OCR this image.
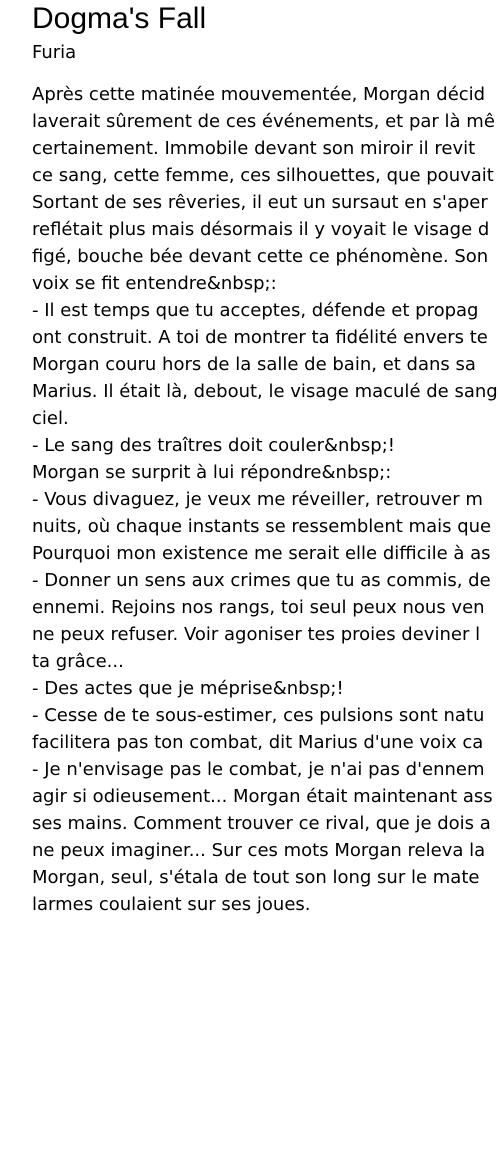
Dogma's Fall
Furia
Après cette matinée mouvementée, Morgan décid
laverait sûrement de ces événements, et par là mê
certainement. Immobile devant son miroir il revit
ce sang, cette femme, ces silhouettes, que pouvait
Sortant de ses rêveries, il eut un sursaut en s'aper
reflétait plus mais désormais il y voyait le visage d
figé, bouche bée devant cette ce phénomène. Son
voix se fit entendre&nbsp;:
- Il est temps que tu acceptes, défende et propag
ont construit. A toi de montrer ta fidélité envers te
Morgan couru hors de la salle de bain, et dans sa
Marius. Il était là, debout, le visage maculé de sang
ciel.
- Le sang des traîtres doit couler&nbsp;!
Morgan se surprit à lui répondre&nbsp;:
- Vous divaguez, je veux me réveiller, retrouver m
nuits, où chaque instants se ressemblent mais que
Pourquoi mon existence me serait elle difficile à as
- Donner un sens aux crimes que tu as commis, de
ennemi. Rejoins nos rangs, toi seul peux nous ven
ne peux refuser. Voir agoniser tes proies deviner l
ta grâce...
- Des actes que je méprise&nbsp;!
- Cesse de te sous-estimer, ces pulsions sont natu
facilitera pas ton combat, dit Marius d'une voix ca
- Je n'envisage pas le combat, je n'ai pas d'ennem
agir si odieusement... Morgan était maintenant ass
ses mains. Comment trouver ce rival, que je dois a
ne peux imaginer... Sur ces mots Morgan releva la
Morgan, seul, s'étala de tout son long sur le mate
larmes coulaient sur ses joues.
